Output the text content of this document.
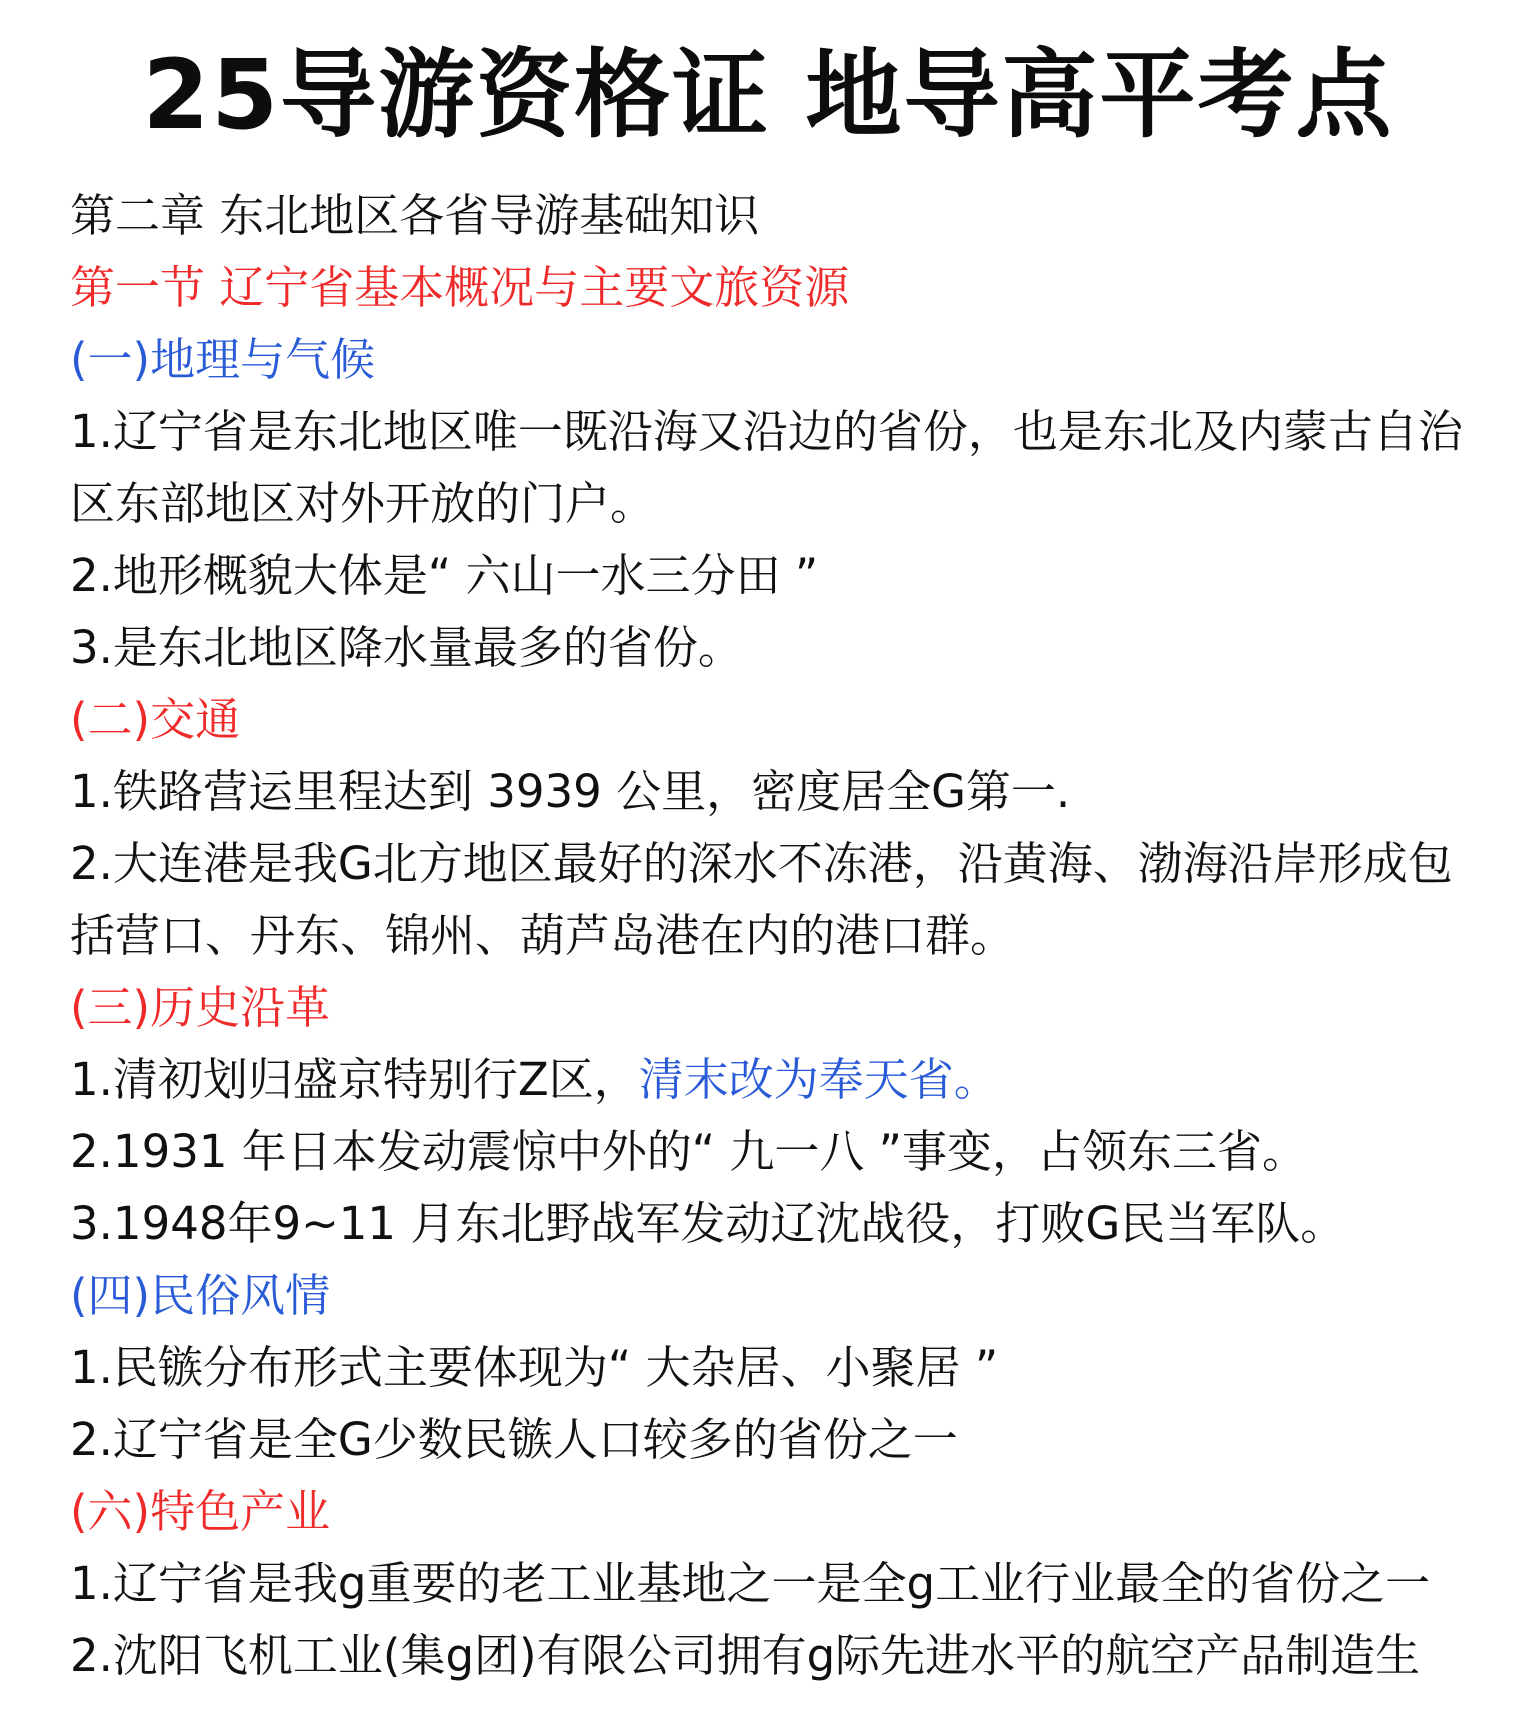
25导游资格证 地导高平考点
第二章 东北地区各省导游基础知识
第一节 辽宁省基本概况与主要文旅资源
(一)地理与气候
1.辽宁省是东北地区唯一既沿海又沿边的省份，也是东北及内蒙古自治区东部地区对外开放的门户。
2.地形概貌大体是“ 六山一水三分田 ”
3.是东北地区降水量最多的省份。
(二)交通
1.铁路营运里程达到 3939 公里，密度居全G第一.
2.大连港是我G北方地区最好的深水不冻港，沿黄海、渤海沿岸形成包括营口、丹东、锦州、葫芦岛港在内的港口群。
(三)历史沿革
1.清初划归盛京特别行Z区，清末改为奉天省。
2.1931 年日本发动震惊中外的“ 九一八 ”事变，占领东三省。
3.1948年9~11 月东北野战军发动辽沈战役，打败G民当军队。
(四)民俗风情
1.民镞分布形式主要体现为“ 大杂居、小聚居 ”
2.辽宁省是全G少数民镞人口较多的省份之一
(六)特色产业
1.辽宁省是我g重要的老工业基地之一是全g工业行业最全的省份之一
2.沈阳飞机工业(集g团)有限公司拥有g际先进水平的航空产品制造生
